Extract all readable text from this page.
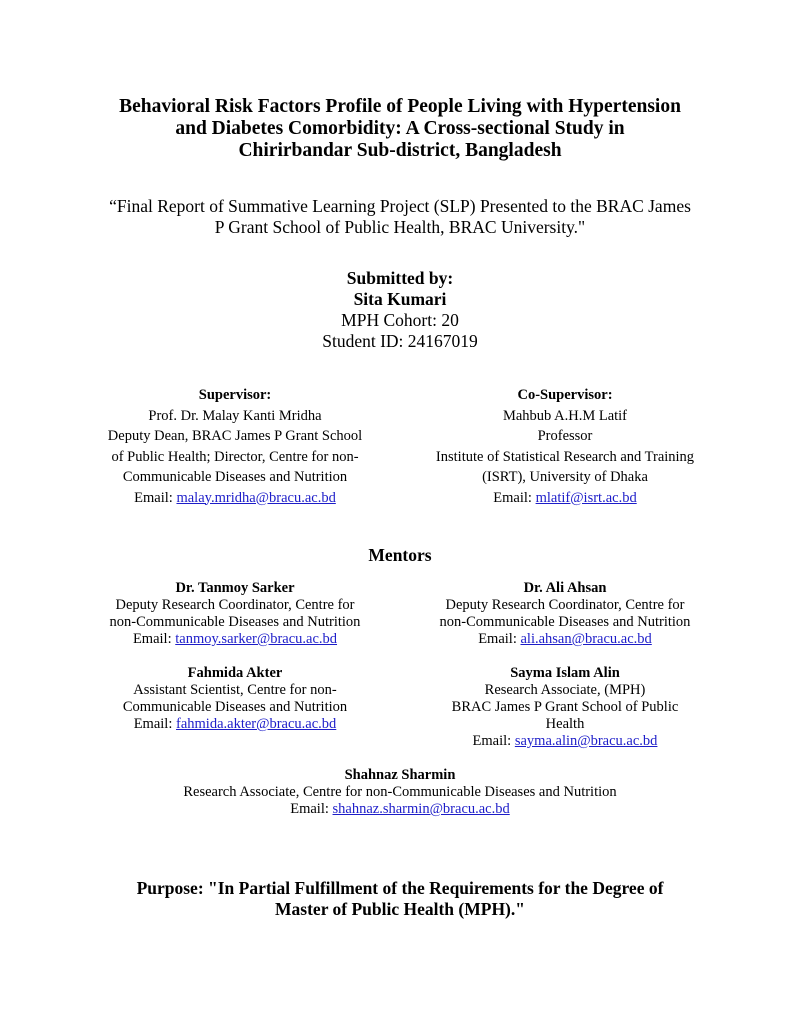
Behavioral Risk Factors Profile of People Living with Hypertension
and Diabetes Comorbidity: A Cross-sectional Study in
Chirirbandar Sub-district, Bangladesh
“Final Report of Summative Learning Project (SLP) Presented to the BRAC James
P Grant School of Public Health, BRAC University."
Submitted by:
Sita Kumari
MPH Cohort: 20
Student ID: 24167019
Supervisor:
Prof. Dr. Malay Kanti Mridha
Deputy Dean, BRAC James P Grant School
of Public Health; Director, Centre for non-
Communicable Diseases and Nutrition
Email: malay.mridha@bracu.ac.bd
Co-Supervisor:
Mahbub A.H.M Latif
Professor
Institute of Statistical Research and Training
(ISRT), University of Dhaka
Email: mlatif@isrt.ac.bd
Mentors
Dr. Tanmoy Sarker
Deputy Research Coordinator, Centre for
non-Communicable Diseases and Nutrition
Email: tanmoy.sarker@bracu.ac.bd
Dr. Ali Ahsan
Deputy Research Coordinator, Centre for
non-Communicable Diseases and Nutrition
Email: ali.ahsan@bracu.ac.bd
Fahmida Akter
Assistant Scientist, Centre for non-
Communicable Diseases and Nutrition
Email: fahmida.akter@bracu.ac.bd
Sayma Islam Alin
Research Associate, (MPH)
BRAC James P Grant School of Public
Health
Email: sayma.alin@bracu.ac.bd
Shahnaz Sharmin
Research Associate, Centre for non-Communicable Diseases and Nutrition
Email: shahnaz.sharmin@bracu.ac.bd
Purpose: "In Partial Fulfillment of the Requirements for the Degree of
Master of Public Health (MPH)."
